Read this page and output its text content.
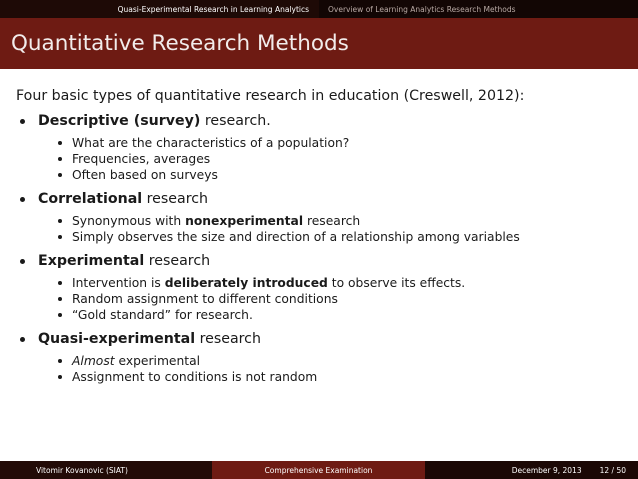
Quasi-Experimental Research in Learning Analytics	Overview of Learning Analytics Research Methods
Quantitative Research Methods

Four basic types of quantitative research in education (Creswell, 2012):

Descriptive (survey) research.
What are the characteristics of a population?
Frequencies, averages
Often based on surveys
Correlational research
Synonymous with nonexperimental research
Simply observes the size and direction of a relationship among variables
Experimental research
Intervention is deliberately introduced to observe its effects.
Random assignment to different conditions
“Gold standard” for research.
Quasi-experimental research
Almost experimental
Assignment to conditions is not random
Vitomir Kovanovic (SIAT)	Comprehensive Examination	December 9, 2013 12 / 50
